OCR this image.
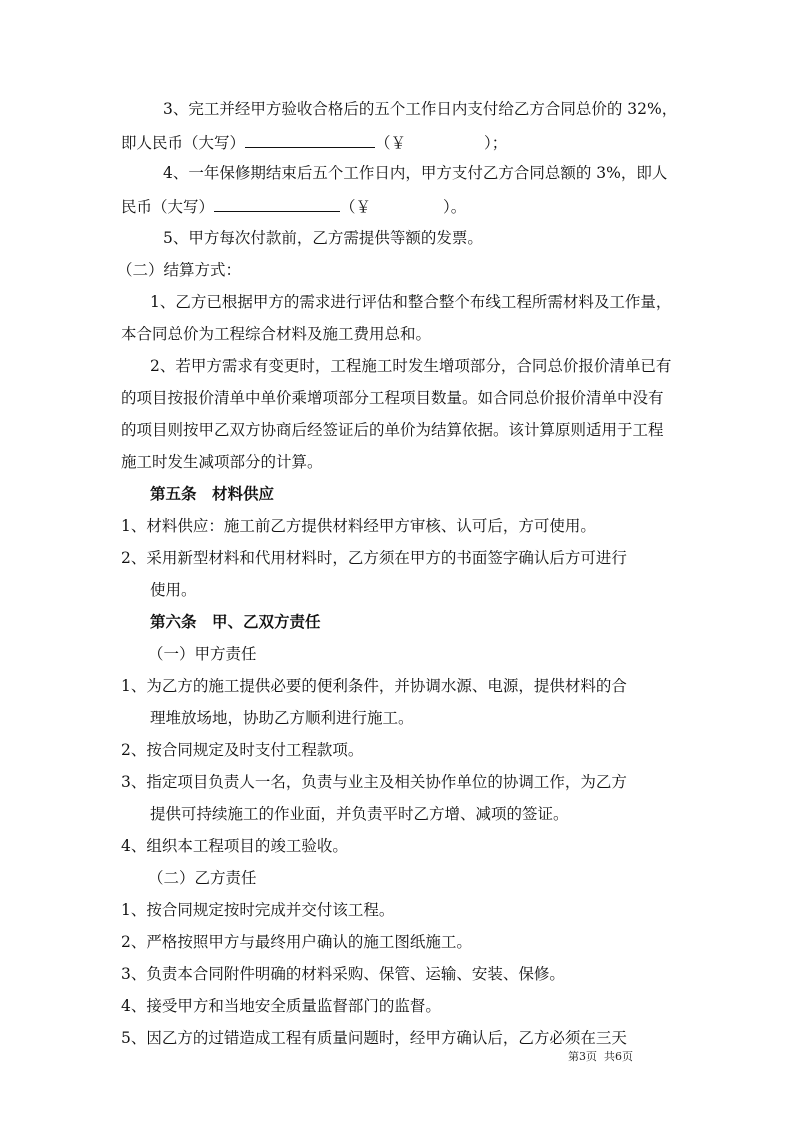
3、完工并经甲方验收合格后的五个工作日内支付给乙方合同总价的 32%，
即人民币（大写）	（￥	）；
4、一年保修期结束后五个工作日内，甲方支付乙方合同总额的 3%，即人
民币（大写）	（￥	）。
5、甲方每次付款前，乙方需提供等额的发票。
（二）结算方式：
1、乙方已根据甲方的需求进行评估和整合整个布线工程所需材料及工作量，
本合同总价为工程综合材料及施工费用总和。
2、若甲方需求有变更时，工程施工时发生增项部分，合同总价报价清单已有
的项目按报价清单中单价乘增项部分工程项目数量。如合同总价报价清单中没有
的项目则按甲乙双方协商后经签证后的单价为结算依据。该计算原则适用于工程
施工时发生减项部分的计算。
第五条　材料供应
1、材料供应：施工前乙方提供材料经甲方审核、认可后，方可使用。
2、采用新型材料和代用材料时，乙方须在甲方的书面签字确认后方可进行
使用。
第六条　甲、乙双方责任
（一）甲方责任
1、为乙方的施工提供必要的便利条件，并协调水源、电源，提供材料的合
理堆放场地，协助乙方顺利进行施工。
2、按合同规定及时支付工程款项。
3、指定项目负责人一名，负责与业主及相关协作单位的协调工作，为乙方
提供可持续施工的作业面，并负责平时乙方增、减项的签证。
4、组织本工程项目的竣工验收。
（二）乙方责任
1、按合同规定按时完成并交付该工程。
2、严格按照甲方与最终用户确认的施工图纸施工。
3、负责本合同附件明确的材料采购、保管、运输、安装、保修。
4、接受甲方和当地安全质量监督部门的监督。
5、因乙方的过错造成工程有质量问题时，经甲方确认后，乙方必须在三天
第3页 共6页
